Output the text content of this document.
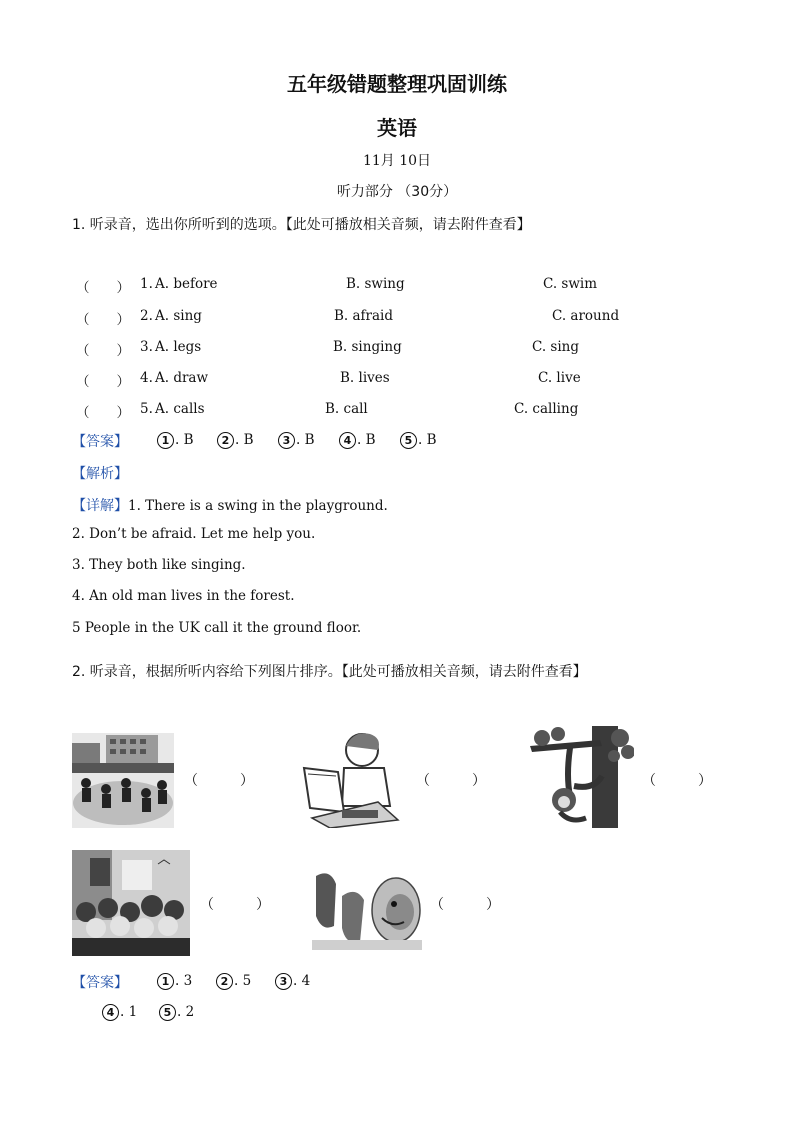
五年级错题整理巩固训练
英语
11月 10日
听力部分 （30分）
1. 听录音，选出你所听到的选项。【此处可播放相关音频，请去附件查看】
（　　） 1. A. before	B. swing	C. swim
（　　） 2. A. sing	B. afraid	C. around
（　　） 3. A. legs	B. singing	C. sing
（　　） 4. A. draw	B. lives	C. live
（　　） 5. A. calls	B. call	C. calling
【答案】	1 . B	2 . B	3 . B	4 . B	5 . B
【解析】
【详解】1. There is a swing in the playground.
2. Don’t be afraid. Let me help you.
3. They both like singing.
4. An old man lives in the forest.
5 People in the UK call it the ground floor.
2. 听录音，根据所听内容给下列图片排序。【此处可播放相关音频，请去附件查看】
（　　　）	（　　　）	（　　　）
（　　　）	（　　　）
【答案】	1 . 3	2 . 5	3 . 4
4 . 1	5 . 2
